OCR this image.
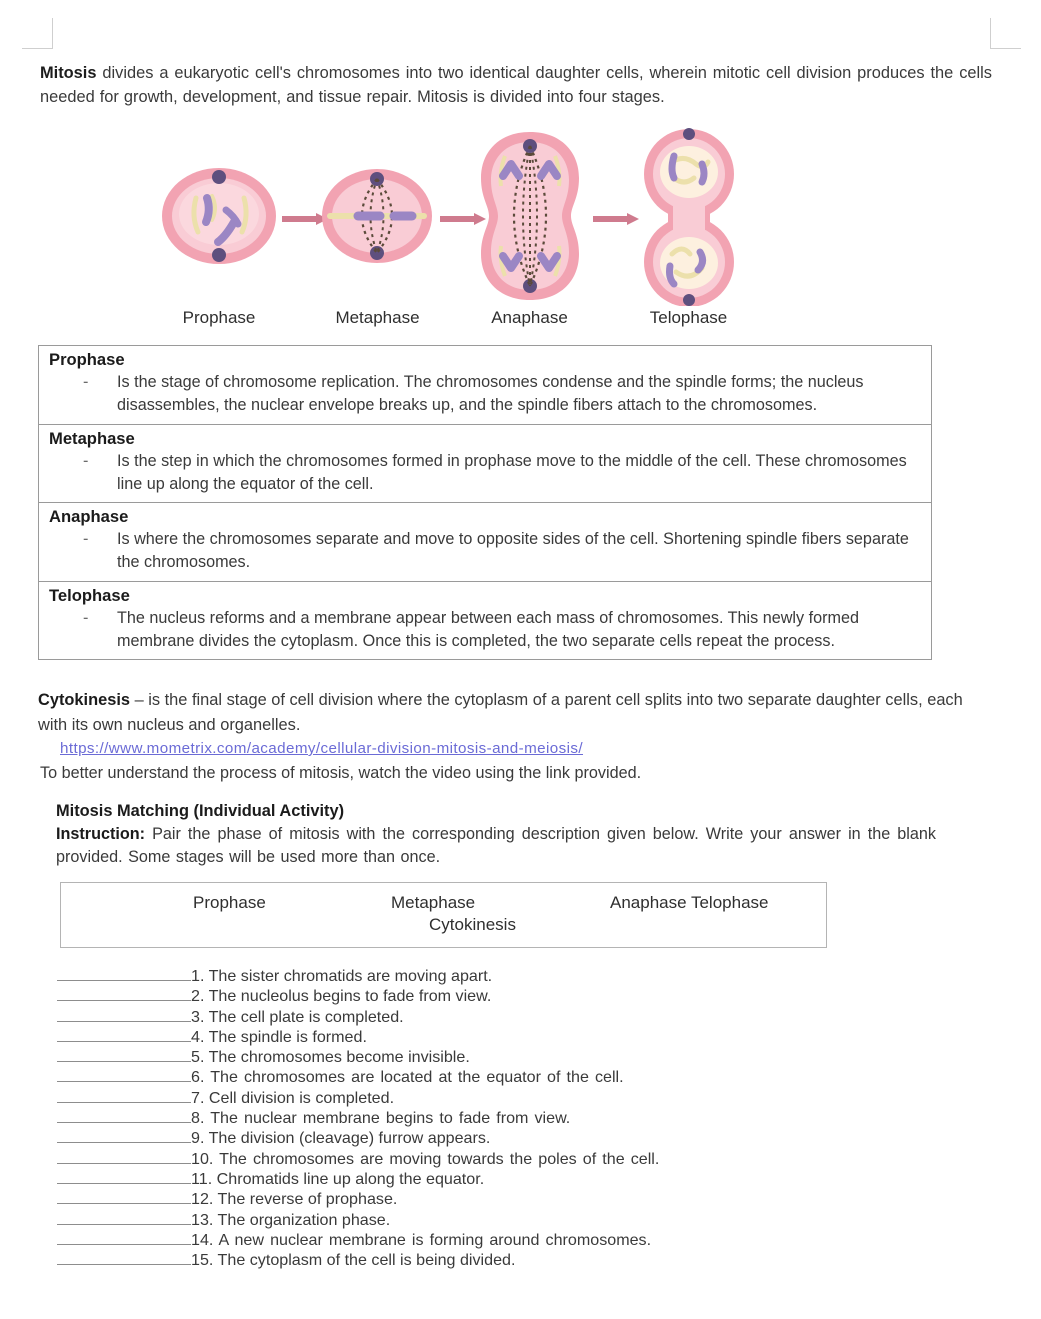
Mitosis divides a eukaryotic cell's chromosomes into two identical daughter cells, wherein mitotic cell division produces the cells needed for growth, development, and tissue repair. Mitosis is divided into four stages.

Prophase	Metaphase	Anaphase	Telophase
Prophase
- Is the stage of chromosome replication. The chromosomes condense and the spindle forms; the nucleus disassembles, the nuclear envelope breaks up, and the spindle fibers attach to the chromosomes.

Metaphase
- Is the step in which the chromosomes formed in prophase move to the middle of the cell. These chromosomes line up along the equator of the cell.

Anaphase
- Is where the chromosomes separate and move to opposite sides of the cell. Shortening spindle fibers separate the chromosomes.

Telophase
- The nucleus reforms and a membrane appear between each mass of chromosomes. This newly formed membrane divides the cytoplasm. Once this is completed, the two separate cells repeat the process.

Cytokinesis – is the final stage of cell division where the cytoplasm of a parent cell splits into two separate daughter cells, each with its own nucleus and organelles.

https://www.mometrix.com/academy/cellular-division-mitosis-and-meiosis/
To better understand the process of mitosis, watch the video using the link provided.
Mitosis Matching (Individual Activity)
Instruction: Pair the phase of mitosis with the corresponding description given below. Write your answer in the blank provided. Some stages will be used more than once.
Prophase	Metaphase	Anaphase Telophase
Cytokinesis
1. The sister chromatids are moving apart.
2. The nucleolus begins to fade from view.
3. The cell plate is completed.
4. The spindle is formed.
5. The chromosomes become invisible.
6. The chromosomes are located at the equator of the cell.
7. Cell division is completed.
8. The nuclear membrane begins to fade from view.
9. The division (cleavage) furrow appears.
10. The chromosomes are moving towards the poles of the cell.
11. Chromatids line up along the equator.
12. The reverse of prophase.
13. The organization phase.
14. A new nuclear membrane is forming around chromosomes.
15. The cytoplasm of the cell is being divided.
